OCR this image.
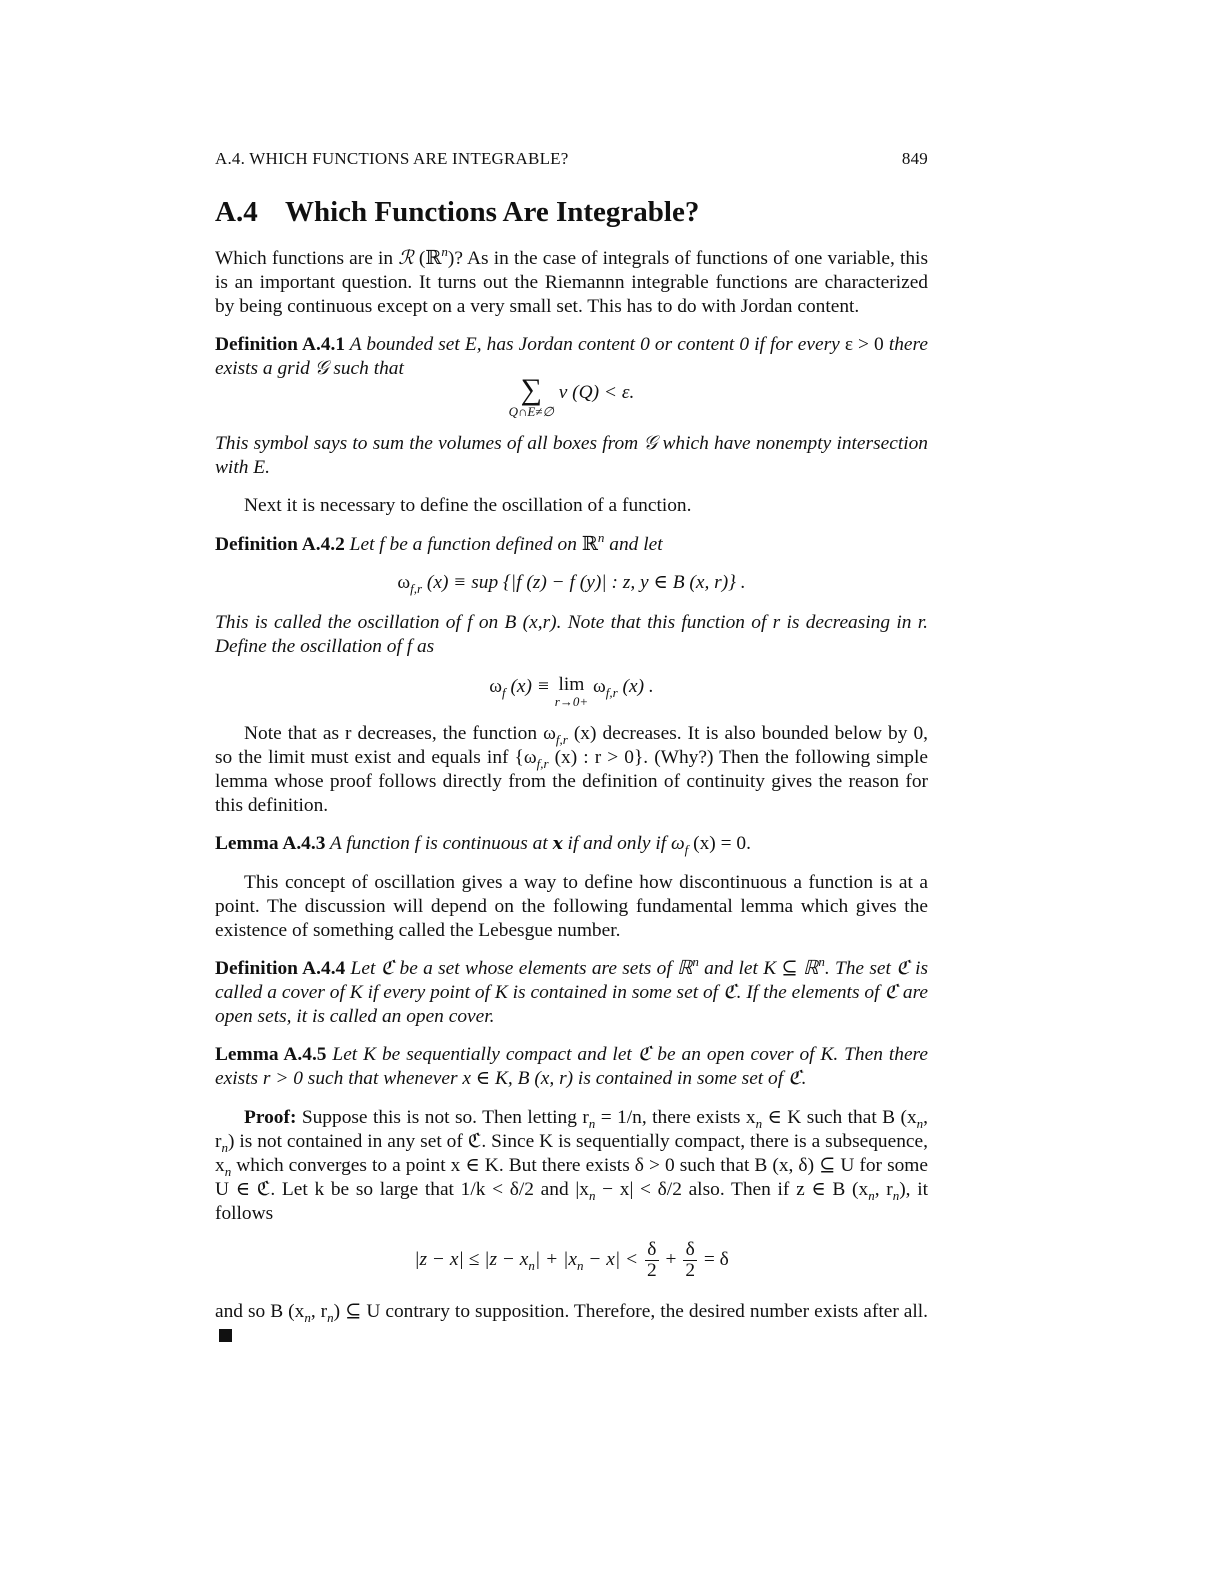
A.4. WHICH FUNCTIONS ARE INTEGRABLE?	849
A.4 Which Functions Are Integrable?
Which functions are in ℛ (ℝ$^n$)? As in the case of integrals of functions of one variable, this is an important question. It turns out the Riemannn integrable functions are characterized by being continuous except on a very small set. This has to do with Jordan content.
Definition A.4.1 A bounded set E, has Jordan content 0 or content 0 if for every ε > 0 there exists a grid 𝒢 such that
∑
Q∩E≠∅
v (Q) < ε.
This symbol says to sum the volumes of all boxes from 𝒢 which have nonempty intersection with E.
Next it is necessary to define the oscillation of a function.
Definition A.4.2 Let f be a function defined on ℝ$^n$ and let
$\omega_{f,r}$ (x) ≡ sup {|f (z) − f (y)| : z, y ∈ B (x, r)} .
This is called the oscillation of f on B (x,r). Note that this function of r is decreasing in r. Define the oscillation of f as
$\omega_f$ (x) ≡ lim
r→0+
$\omega_{f,r}$ (x) .
Note that as r decreases, the function $\omega_{f,r}$ (x) decreases. It is also bounded below by 0, so the limit must exist and equals inf {$\omega_{f,r}$ (x) : r > 0}. (Why?) Then the following simple lemma whose proof follows directly from the definition of continuity gives the reason for this definition.
Lemma A.4.3 A function f is continuous at x if and only if $\omega_f$ (x) = 0.
This concept of oscillation gives a way to define how discontinuous a function is at a point. The discussion will depend on the following fundamental lemma which gives the existence of something called the Lebesgue number.
Definition A.4.4 Let ℭ be a set whose elements are sets of ℝ$^n$ and let K ⊆ ℝ$^n$. The set ℭ is called a cover of K if every point of K is contained in some set of ℭ. If the elements of ℭ are open sets, it is called an open cover.
Lemma A.4.5 Let K be sequentially compact and let ℭ be an open cover of K. Then there exists r > 0 such that whenever x ∈ K, B (x, r) is contained in some set of ℭ.
Proof: Suppose this is not so. Then letting $r_n = 1/n$, there exists $x_n$ ∈ K such that B ($x_n$, $r_n$) is not contained in any set of ℭ. Since K is sequentially compact, there is a subsequence, $x_n$ which converges to a point x ∈ K. But there exists δ > 0 such that B (x, δ) ⊆ U for some U ∈ ℭ. Let k be so large that 1/k < δ/2 and $|x_n - x| < \delta/2$ also. Then if z ∈ B ($x_n$, $r_n$), it follows
$|z - x| \le |z - x_n| + |x_n - x| < \frac{\delta}{2} + \frac{\delta}{2} = \delta$
and so B ($x_n$, $r_n$) ⊆ U contrary to supposition. Therefore, the desired number exists after all.
